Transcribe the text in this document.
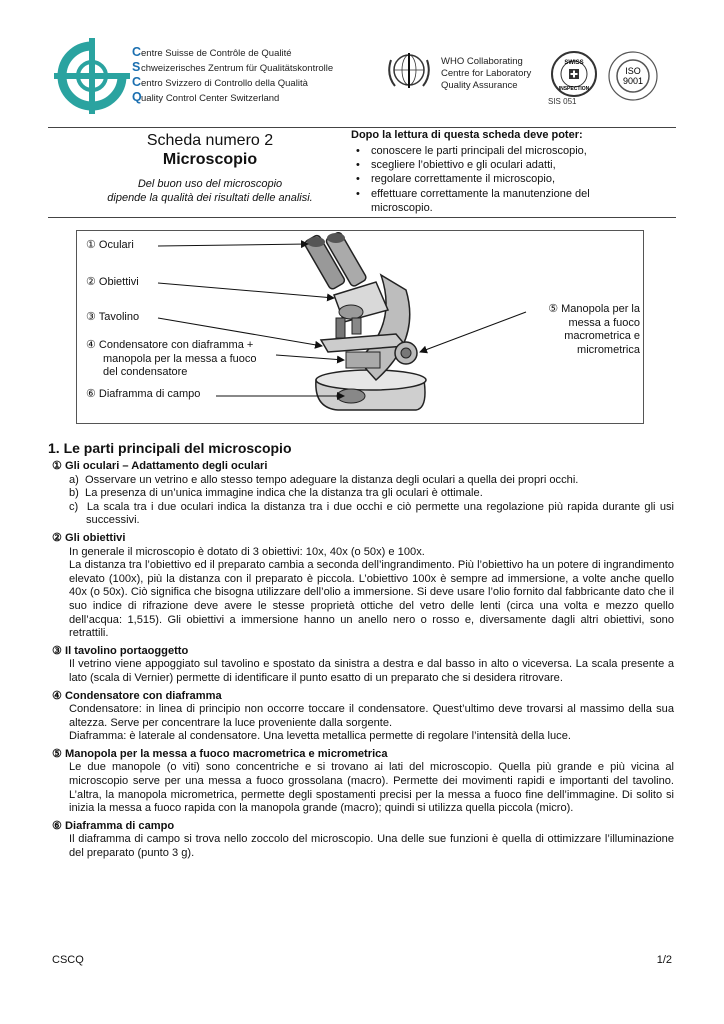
Centre Suisse de Contrôle de Qualité
Schweizerisches Zentrum für Qualitätskontrolle
Centro Svizzero di Controllo della Qualità
Quality Control Center Switzerland
WHO Collaborating
Centre for Laboratory
Quality Assurance
SWISS
INSPECTION
SIS 051
ISO
9001
Scheda numero 2
Microscopio
Del buon uso del microscopio
dipende la qualità dei risultati delle analisi.
Dopo la lettura di questa scheda deve poter:
• conoscere le parti principali del microscopio,
• scegliere l’obiettivo e gli oculari adatti,
• regolare correttamente il microscopio,
• effettuare correttamente la manutenzione del microscopio.
① Oculari
② Obiettivi
③ Tavolino
④ Condensatore con diaframma +
manopola per la messa a fuoco
del condensatore
⑥ Diaframma di campo
⑤ Manopola per la
messa a fuoco
macrometrica e
micrometrica
1. Le parti principali del microscopio
① Gli oculari – Adattamento degli oculari
a)  Osservare un vetrino e allo stesso tempo adeguare la distanza degli oculari a quella dei propri occhi.
b)  La presenza di un’unica immagine indica che la distanza tra gli oculari è ottimale.
c)  La scala tra i due oculari indica la distanza tra i due occhi e ciò permette una regolazione più rapida durante gli usi successivi.
② Gli obiettivi

In generale il microscopio è dotato di 3 obiettivi: 10x, 40x (o 50x) e 100x.

La distanza tra l’obiettivo ed il preparato cambia a seconda dell’ingrandimento. Più l’obiettivo ha un potere di ingrandimento elevato (100x), più la distanza con il preparato è piccola. L’obiettivo 100x è sempre ad immersione, a volte anche quello 40x (o 50x). Ciò significa che bisogna utilizzare dell’olio a immersione. Si deve usare l’olio fornito dal fabbricante dato che il suo indice di rifrazione deve avere le stesse proprietà ottiche del vetro delle lenti (circa una volta e mezzo quello dell’acqua: 1,515). Gli obiettivi a immersione hanno un anello nero o rosso e, diversamente dagli altri obiettivi, sono retrattili.

③ Il tavolino portaoggetto

Il vetrino viene appoggiato sul tavolino e spostato da sinistra a destra e dal basso in alto o viceversa. La scala presente a lato (scala di Vernier) permette di identificare il punto esatto di un preparato che si desidera ritrovare.

④ Condensatore con diaframma

Condensatore: in linea di principio non occorre toccare il condensatore. Quest’ultimo deve trovarsi al massimo della sua altezza. Serve per concentrare la luce proveniente dalla sorgente.

Diaframma: è laterale al condensatore. Una levetta metallica permette di regolare l’intensità della luce.

⑤ Manopola per la messa a fuoco macrometrica e micrometrica

Le due manopole (o viti) sono concentriche e si trovano ai lati del microscopio. Quella più grande e più vicina al microscopio serve per una messa a fuoco grossolana (macro). Permette dei movimenti rapidi e importanti del tavolino. L’altra, la manopola micrometrica, permette degli spostamenti precisi per la messa a fuoco fine dell’immagine. Di solito si inizia la messa a fuoco rapida con la manopola grande (macro); quindi si utilizza quella piccola (micro).

⑥ Diaframma di campo

Il diaframma di campo si trova nello zoccolo del microscopio. Una delle sue funzioni è quella di ottimizzare l’illuminazione del preparato (punto 3 g).

CSCQ	1/2
